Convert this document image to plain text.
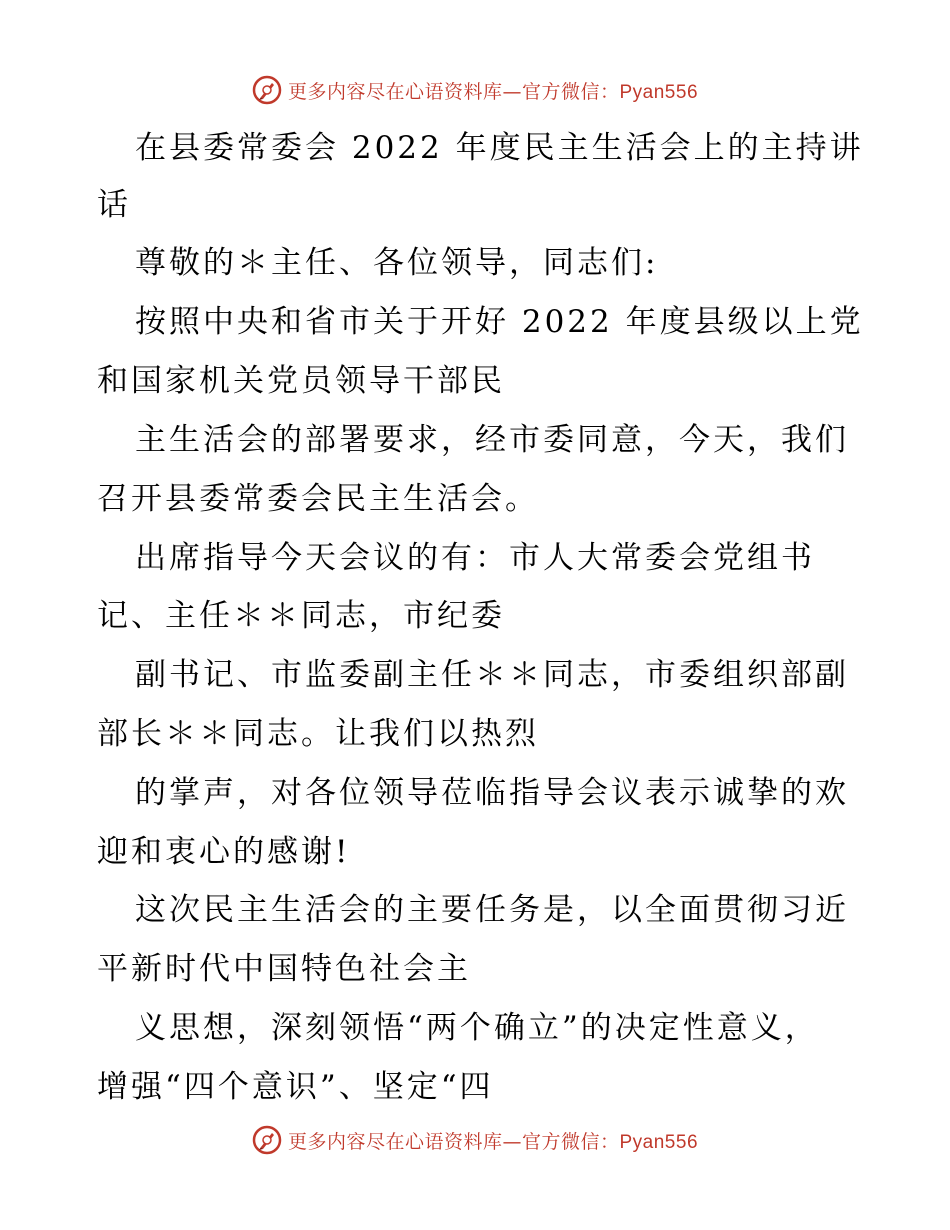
更多内容尽在心语资料库—官方微信：Pyan556
在县委常委会 2022 年度民主生活会上的主持讲
话
尊敬的＊主任、各位领导，同志们:
按照中央和省市关于开好 2022 年度县级以上党
和国家机关党员领导干部民
主生活会的部署要求，经市委同意，今天，我们
召开县委常委会民主生活会。
出席指导今天会议的有：市人大常委会党组书
记、主任＊＊同志，市纪委
副书记、市监委副主任＊＊同志，市委组织部副
部长＊＊同志。让我们以热烈
的掌声，对各位领导莅临指导会议表示诚挚的欢
迎和衷心的感谢!
这次民主生活会的主要任务是，以全面贯彻习近
平新时代中国特色社会主
义思想，深刻领悟“两个确立”的决定性意义，
增强“四个意识”、坚定“四
更多内容尽在心语资料库—官方微信：Pyan556
